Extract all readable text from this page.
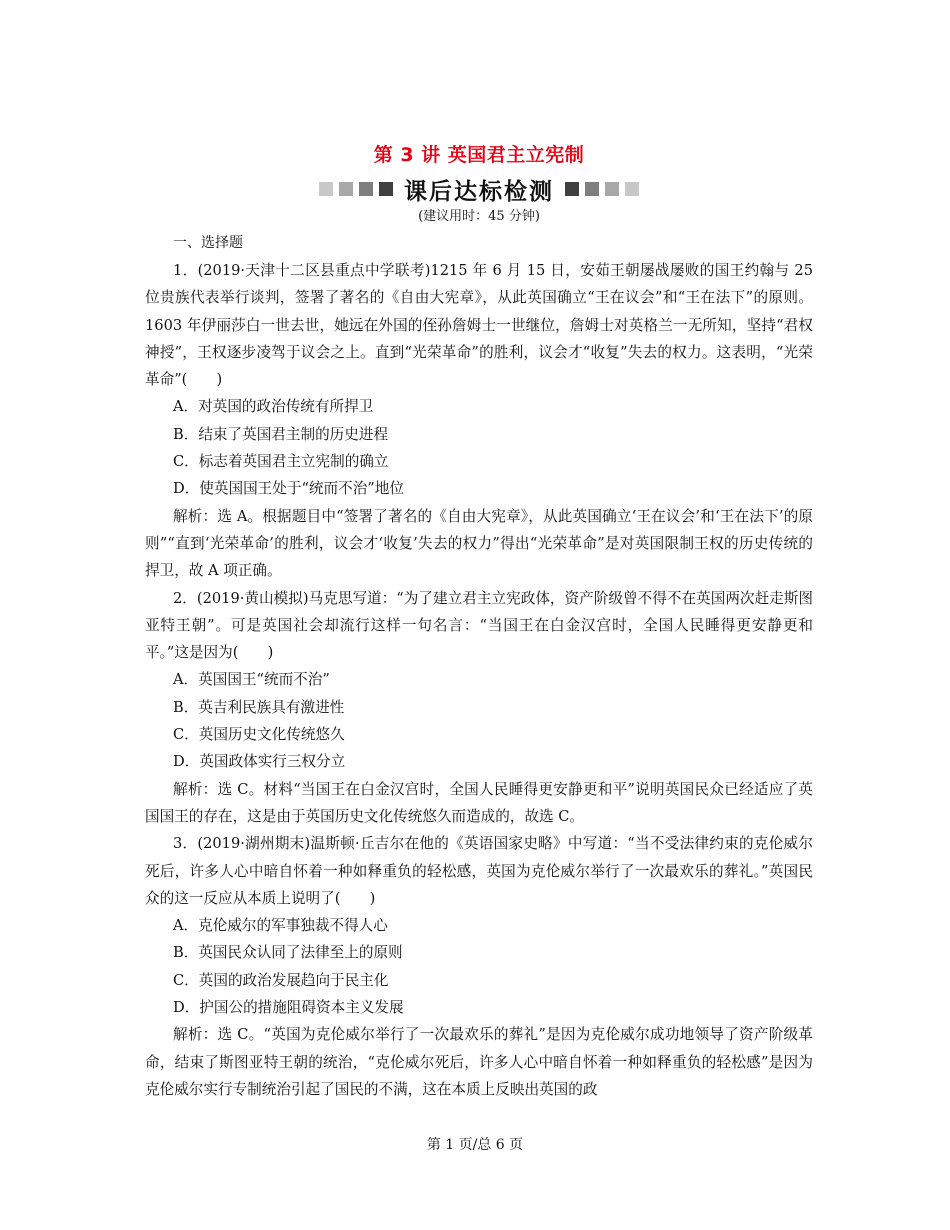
第 3 讲 英国君主立宪制
课后达标检测
(建议用时：45 分钟)
一、选择题

1．(2019·天津十二区县重点中学联考)1215 年 6 月 15 日，安茹王朝屡战屡败的国王约翰与 25 位贵族代表举行谈判，签署了著名的《自由大宪章》，从此英国确立“王在议会”和“王在法下”的原则。1603 年伊丽莎白一世去世，她远在外国的侄孙詹姆士一世继位，詹姆士对英格兰一无所知，坚持“君权神授”，王权逐步凌驾于议会之上。直到“光荣革命”的胜利，议会才“收复”失去的权力。这表明，“光荣革命”(　　)

A．对英国的政治传统有所捍卫

B．结束了英国君主制的历史进程

C．标志着英国君主立宪制的确立

D．使英国国王处于“统而不治”地位

解析：选 A。根据题目中“签署了著名的《自由大宪章》，从此英国确立‘王在议会’和‘王在法下’的原则”“直到‘光荣革命’的胜利，议会才‘收复’失去的权力”得出“光荣革命”是对英国限制王权的历史传统的捍卫，故 A 项正确。

2．(2019·黄山模拟)马克思写道：“为了建立君主立宪政体，资产阶级曾不得不在英国两次赶走斯图亚特王朝”。可是英国社会却流行这样一句名言：“当国王在白金汉宫时，全国人民睡得更安静更和平。”这是因为(　　)

A．英国国王“统而不治”

B．英吉利民族具有激进性

C．英国历史文化传统悠久

D．英国政体实行三权分立

解析：选 C。材料“当国王在白金汉宫时，全国人民睡得更安静更和平”说明英国民众已经适应了英国国王的存在，这是由于英国历史文化传统悠久而造成的，故选 C。

3．(2019·湖州期末)温斯顿·丘吉尔在他的《英语国家史略》中写道：“当不受法律约束的克伦威尔死后，许多人心中暗自怀着一种如释重负的轻松感，英国为克伦威尔举行了一次最欢乐的葬礼。”英国民众的这一反应从本质上说明了(　　)

A．克伦威尔的军事独裁不得人心

B．英国民众认同了法律至上的原则

C．英国的政治发展趋向于民主化

D．护国公的措施阻碍资本主义发展

解析：选 C。“英国为克伦威尔举行了一次最欢乐的葬礼”是因为克伦威尔成功地领导了资产阶级革命，结束了斯图亚特王朝的统治，“克伦威尔死后，许多人心中暗自怀着一种如释重负的轻松感”是因为克伦威尔实行专制统治引起了国民的不满，这在本质上反映出英国的政

第 1 页/总 6 页
